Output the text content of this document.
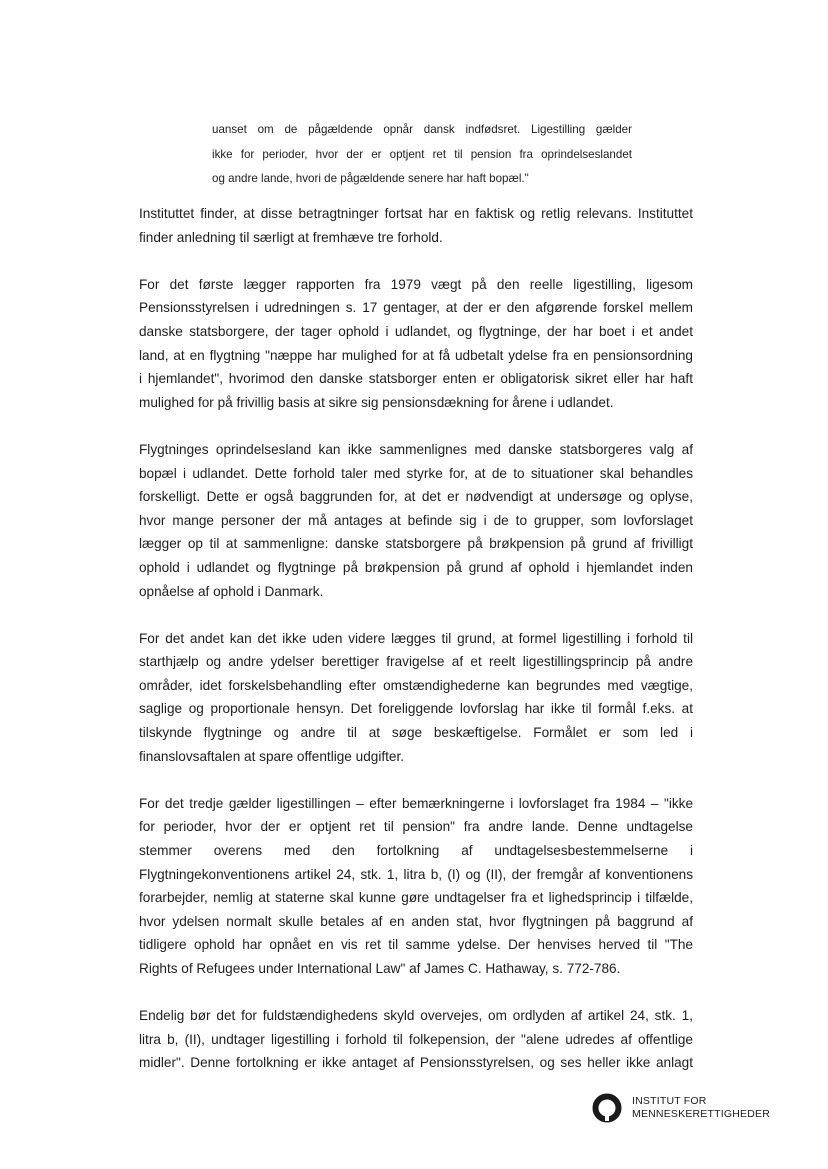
uanset om de pågældende opnår dansk indfødsret. Ligestilling gælder
ikke for perioder, hvor der er optjent ret til pension fra oprindelseslandet
og andre lande, hvori de pågældende senere har haft bopæl."
Instituttet finder, at disse betragtninger fortsat har en faktisk og retlig relevans. Instituttet
finder anledning til særligt at fremhæve tre forhold.
For det første lægger rapporten fra 1979 vægt på den reelle ligestilling, ligesom
Pensionsstyrelsen i udredningen s. 17 gentager, at der er den afgørende forskel mellem
danske statsborgere, der tager ophold i udlandet, og flygtninge, der har boet i et andet
land, at en flygtning "næppe har mulighed for at få udbetalt ydelse fra en pensionsordning
i hjemlandet", hvorimod den danske statsborger enten er obligatorisk sikret eller har haft
mulighed for på frivillig basis at sikre sig pensionsdækning for årene i udlandet.
Flygtninges oprindelsesland kan ikke sammenlignes med danske statsborgeres valg af
bopæl i udlandet. Dette forhold taler med styrke for, at de to situationer skal behandles
forskelligt. Dette er også baggrunden for, at det er nødvendigt at undersøge og oplyse,
hvor mange personer der må antages at befinde sig i de to grupper, som lovforslaget
lægger op til at sammenligne: danske statsborgere på brøkpension på grund af frivilligt
ophold i udlandet og flygtninge på brøkpension på grund af ophold i hjemlandet inden
opnåelse af ophold i Danmark.
For det andet kan det ikke uden videre lægges til grund, at formel ligestilling i forhold til
starthjælp og andre ydelser berettiger fravigelse af et reelt ligestillingsprincip på andre
områder, idet forskelsbehandling efter omstændighederne kan begrundes med vægtige,
saglige og proportionale hensyn. Det foreliggende lovforslag har ikke til formål f.eks. at
tilskynde flygtninge og andre til at søge beskæftigelse. Formålet er som led i
finanslovsaftalen at spare offentlige udgifter.
For det tredje gælder ligestillingen – efter bemærkningerne i lovforslaget fra 1984 – "ikke
for perioder, hvor der er optjent ret til pension" fra andre lande. Denne undtagelse
stemmer overens med den fortolkning af undtagelsesbestemmelserne i
Flygtningekonventionens artikel 24, stk. 1, litra b, (I) og (II), der fremgår af konventionens
forarbejder, nemlig at staterne skal kunne gøre undtagelser fra et lighedsprincip i tilfælde,
hvor ydelsen normalt skulle betales af en anden stat, hvor flygtningen på baggrund af
tidligere ophold har opnået en vis ret til samme ydelse. Der henvises herved til "The
Rights of Refugees under International Law" af James C. Hathaway, s. 772-786.
Endelig bør det for fuldstændighedens skyld overvejes, om ordlyden af artikel 24, stk. 1,
litra b, (II), undtager ligestilling i forhold til folkepension, der "alene udredes af offentlige
midler". Denne fortolkning er ikke antaget af Pensionsstyrelsen, og ses heller ikke anlagt
INSTITUT FOR
MENNESKERETTIGHEDER
